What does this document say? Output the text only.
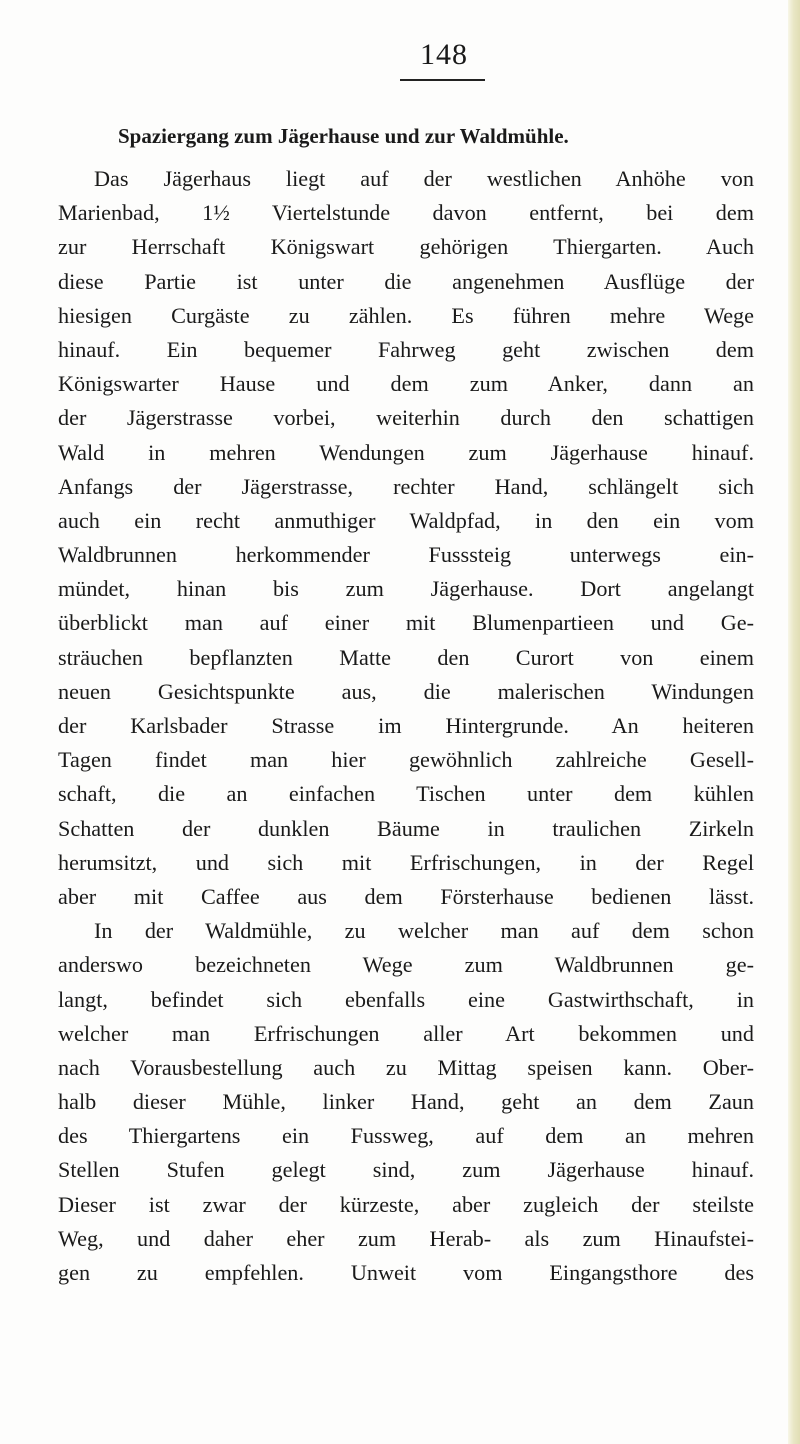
148
Spaziergang zum Jägerhause und zur Waldmühle.
Das Jägerhaus liegt auf der westlichen Anhöhe von
Marienbad, 1½ Viertelstunde davon entfernt, bei dem
zur Herrschaft Königswart gehörigen Thiergarten. Auch
diese Partie ist unter die angenehmen Ausflüge der
hiesigen Curgäste zu zählen. Es führen mehre Wege
hinauf. Ein bequemer Fahrweg geht zwischen dem
Königswarter Hause und dem zum Anker, dann an
der Jägerstrasse vorbei, weiterhin durch den schattigen
Wald in mehren Wendungen zum Jägerhause hinauf.
Anfangs der Jägerstrasse, rechter Hand, schlängelt sich
auch ein recht anmuthiger Waldpfad, in den ein vom
Waldbrunnen herkommender Fusssteig unterwegs ein-
mündet, hinan bis zum Jägerhause. Dort angelangt
überblickt man auf einer mit Blumenpartieen und Ge-
sträuchen bepflanzten Matte den Curort von einem
neuen Gesichtspunkte aus, die malerischen Windungen
der Karlsbader Strasse im Hintergrunde. An heiteren
Tagen findet man hier gewöhnlich zahlreiche Gesell-
schaft, die an einfachen Tischen unter dem kühlen
Schatten der dunklen Bäume in traulichen Zirkeln
herumsitzt, und sich mit Erfrischungen, in der Regel
aber mit Caffee aus dem Försterhause bedienen lässt.
In der Waldmühle, zu welcher man auf dem schon
anderswo bezeichneten Wege zum Waldbrunnen ge-
langt, befindet sich ebenfalls eine Gastwirthschaft, in
welcher man Erfrischungen aller Art bekommen und
nach Vorausbestellung auch zu Mittag speisen kann. Ober-
halb dieser Mühle, linker Hand, geht an dem Zaun
des Thiergartens ein Fussweg, auf dem an mehren
Stellen Stufen gelegt sind, zum Jägerhause hinauf.
Dieser ist zwar der kürzeste, aber zugleich der steilste
Weg, und daher eher zum Herab- als zum Hinaufstei-
gen zu empfehlen. Unweit vom Eingangsthore des
